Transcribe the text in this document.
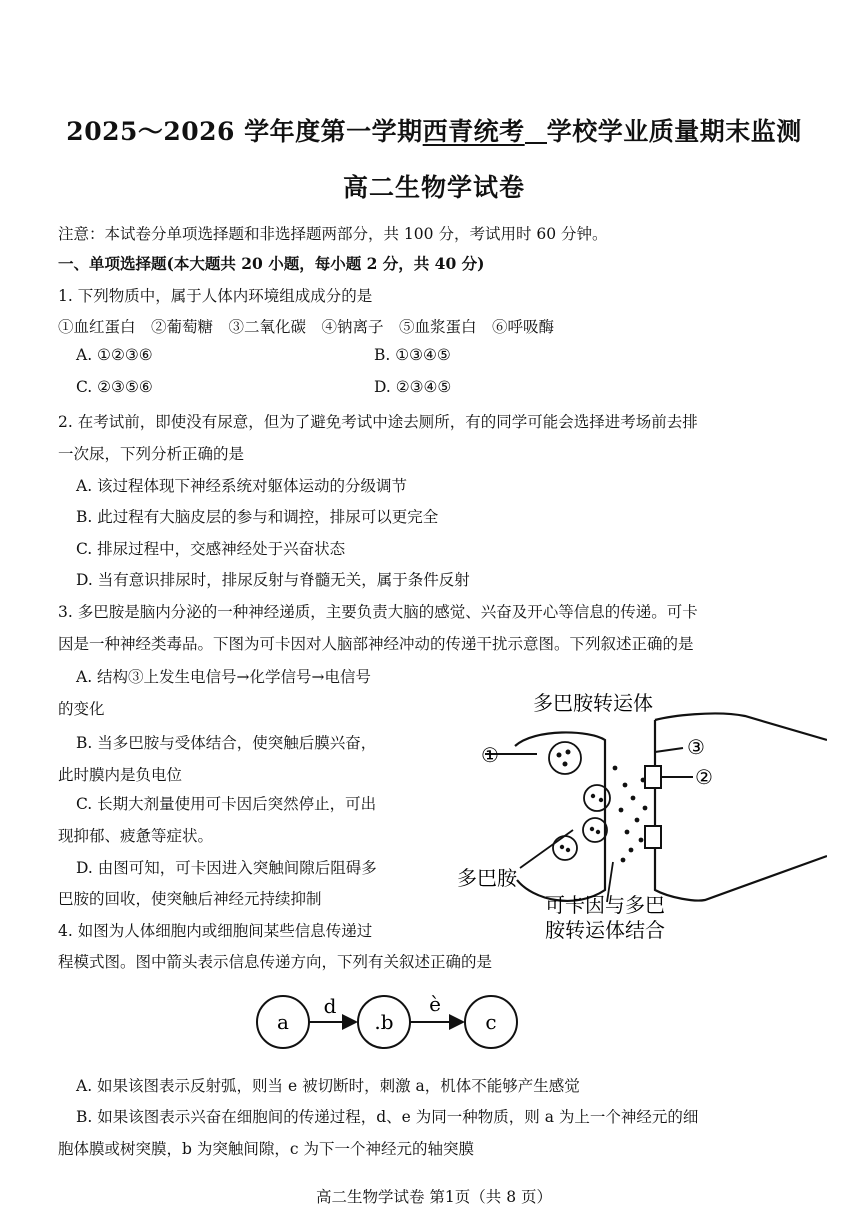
2025～2026 学年度第一学期西青统考 学校学业质量期末监测
高二生物学试卷
注意：本试卷分单项选择题和非选择题两部分，共 100 分，考试用时 60 分钟。
一、单项选择题(本大题共 20 小题，每小题 2 分，共 40 分)
1. 下列物质中，属于人体内环境组成成分的是
①血红蛋白　②葡萄糖　③二氧化碳　④钠离子　⑤血浆蛋白　⑥呼吸酶
A. ①②③⑥	B. ①③④⑤
C. ②③⑤⑥	D. ②③④⑤
2. 在考试前，即使没有尿意，但为了避免考试中途去厕所，有的同学可能会选择进考场前去排
一次尿，下列分析正确的是
A. 该过程体现下神经系统对躯体运动的分级调节
B. 此过程有大脑皮层的参与和调控，排尿可以更完全
C. 排尿过程中，交感神经处于兴奋状态
D. 当有意识排尿时，排尿反射与脊髓无关，属于条件反射
3. 多巴胺是脑内分泌的一种神经递质，主要负责大脑的感觉、兴奋及开心等信息的传递。可卡
因是一种神经类毒品。下图为可卡因对人脑部神经冲动的传递干扰示意图。下列叙述正确的是
A. 结构③上发生电信号→化学信号→电信号
的变化
B. 当多巴胺与受体结合，使突触后膜兴奋，
此时膜内是负电位
C. 长期大剂量使用可卡因后突然停止，可出
现抑郁、疲惫等症状。
D. 由图可知，可卡因进入突触间隙后阻碍多
巴胺的回收，使突触后神经元持续抑制
多巴胺转运体
①
②
③
多巴胺
可卡因与多巴
胺转运体结合
4. 如图为人体细胞内或细胞间某些信息传递过
程模式图。图中箭头表示信息传递方向，下列有关叙述正确的是
a	.b	c
d	è
A. 如果该图表示反射弧，则当 e 被切断时，刺激 a，机体不能够产生感觉
B. 如果该图表示兴奋在细胞间的传递过程，d、e 为同一种物质，则 a 为上一个神经元的细
胞体膜或树突膜，b 为突触间隙，c 为下一个神经元的轴突膜
高二生物学试卷 第1页（共 8 页）
